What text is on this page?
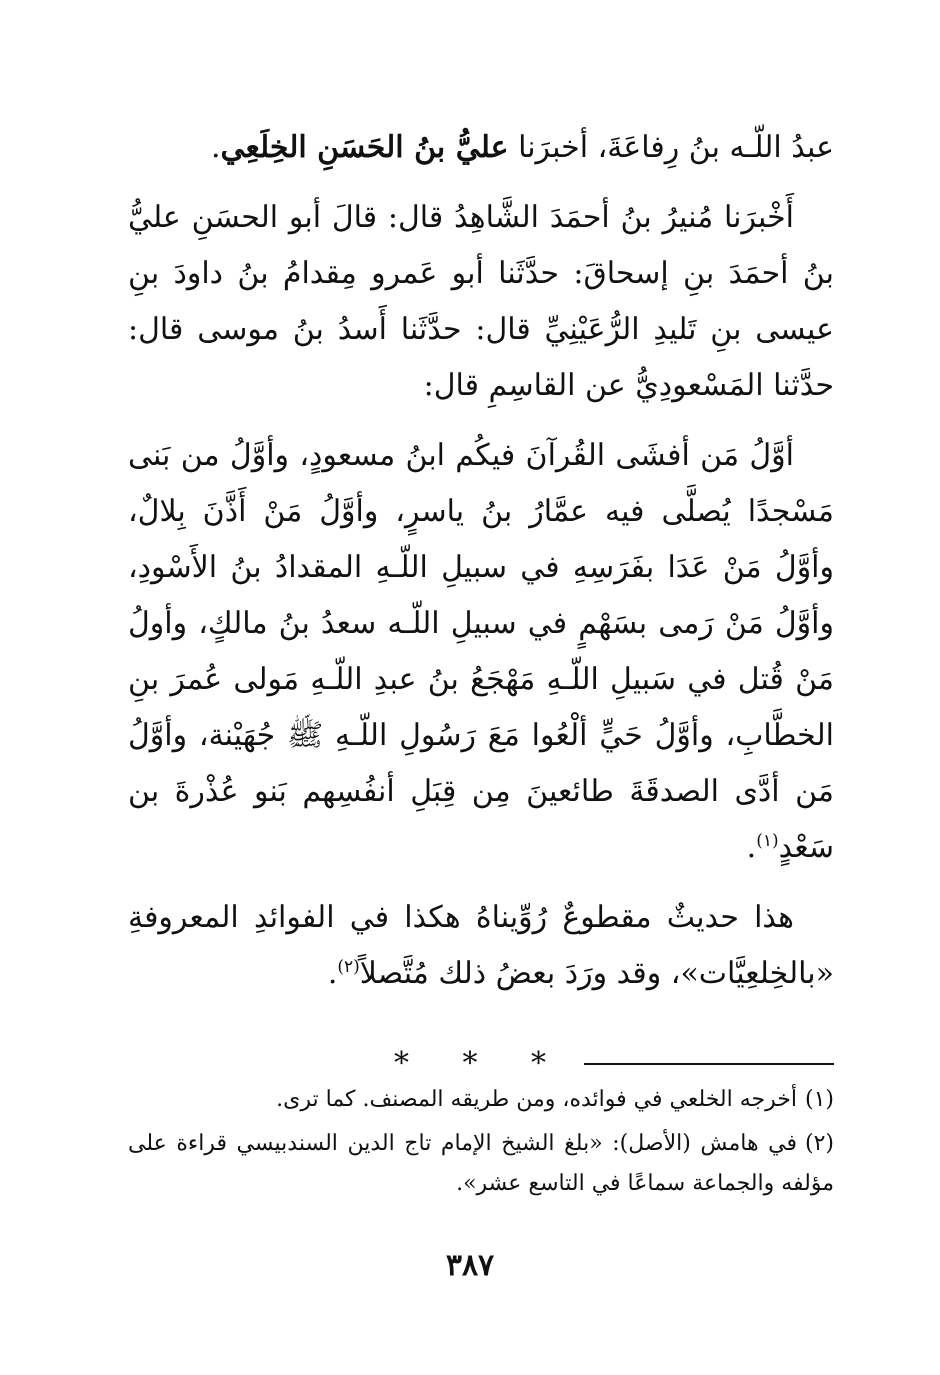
عبدُ اللّـه بنُ رِفاعَةَ، أخبرَنا عليُّ بنُ الحَسَنِ الخِلَعِي.

أَخْبرَنا مُنيرُ بنُ أحمَدَ الشَّاهِدُ قال: قالَ أبو الحسَنِ عليُّ بنُ أحمَدَ بنِ إسحاقَ: حدَّثَنا أبو عَمرو مِقدامُ بنُ داودَ بنِ عيسى بنِ تَليدِ الرُّعَيْنِيِّ قال: حدَّثَنا أَسدُ بنُ موسى قال: حدَّثنا المَسْعودِيُّ عن القاسِمِ قال:

أوَّلُ مَن أفشَى القُرآنَ فيكُم ابنُ مسعودٍ، وأوَّلُ من بَنى مَسْجدًا يُصلَّى فيه عمَّارُ بنُ ياسرٍ، وأوَّلُ مَنْ أَذَّنَ بِلالٌ، وأوَّلُ مَنْ عَدَا بفَرَسِهِ في سبيلِ اللّـهِ المقدادُ بنُ الأَسْودِ، وأوَّلُ مَنْ رَمى بسَهْمٍ في سبيلِ اللّـه سعدُ بنُ مالكٍ، وأولُ مَنْ قُتل في سَبيلِ اللّـهِ مَهْجَعُ بنُ عبدِ اللّـهِ مَولى عُمرَ بنِ الخطَّابِ، وأوَّلُ حَيٍّ ألْعُوا مَعَ رَسُولِ اللّـهِ ﷺ جُهَيْنة، وأوَّلُ مَن أدَّى الصدقَةَ طائعينَ مِن قِبَلِ أنفُسِهم بَنو عُذْرةَ بن سَعْدٍ$^{(١)}$.

هذا حديثٌ مقطوعٌ رُوِّيناهُ هكذا في الفوائدِ المعروفةِ «بالخِلعِيَّات»، وقد ورَدَ بعضُ ذلك مُتَّصلاً$^{(٢)}$.

* * *

(١)أخرجه الخلعي في فوائده، ومن طريقه المصنف. كما ترى.

(٢)في هامش (الأصل): «بلغ الشيخ الإمام تاج الدين السندبيسي قراءة على مؤلفه والجماعة سماعًا في التاسع عشر».

٣٨٧
